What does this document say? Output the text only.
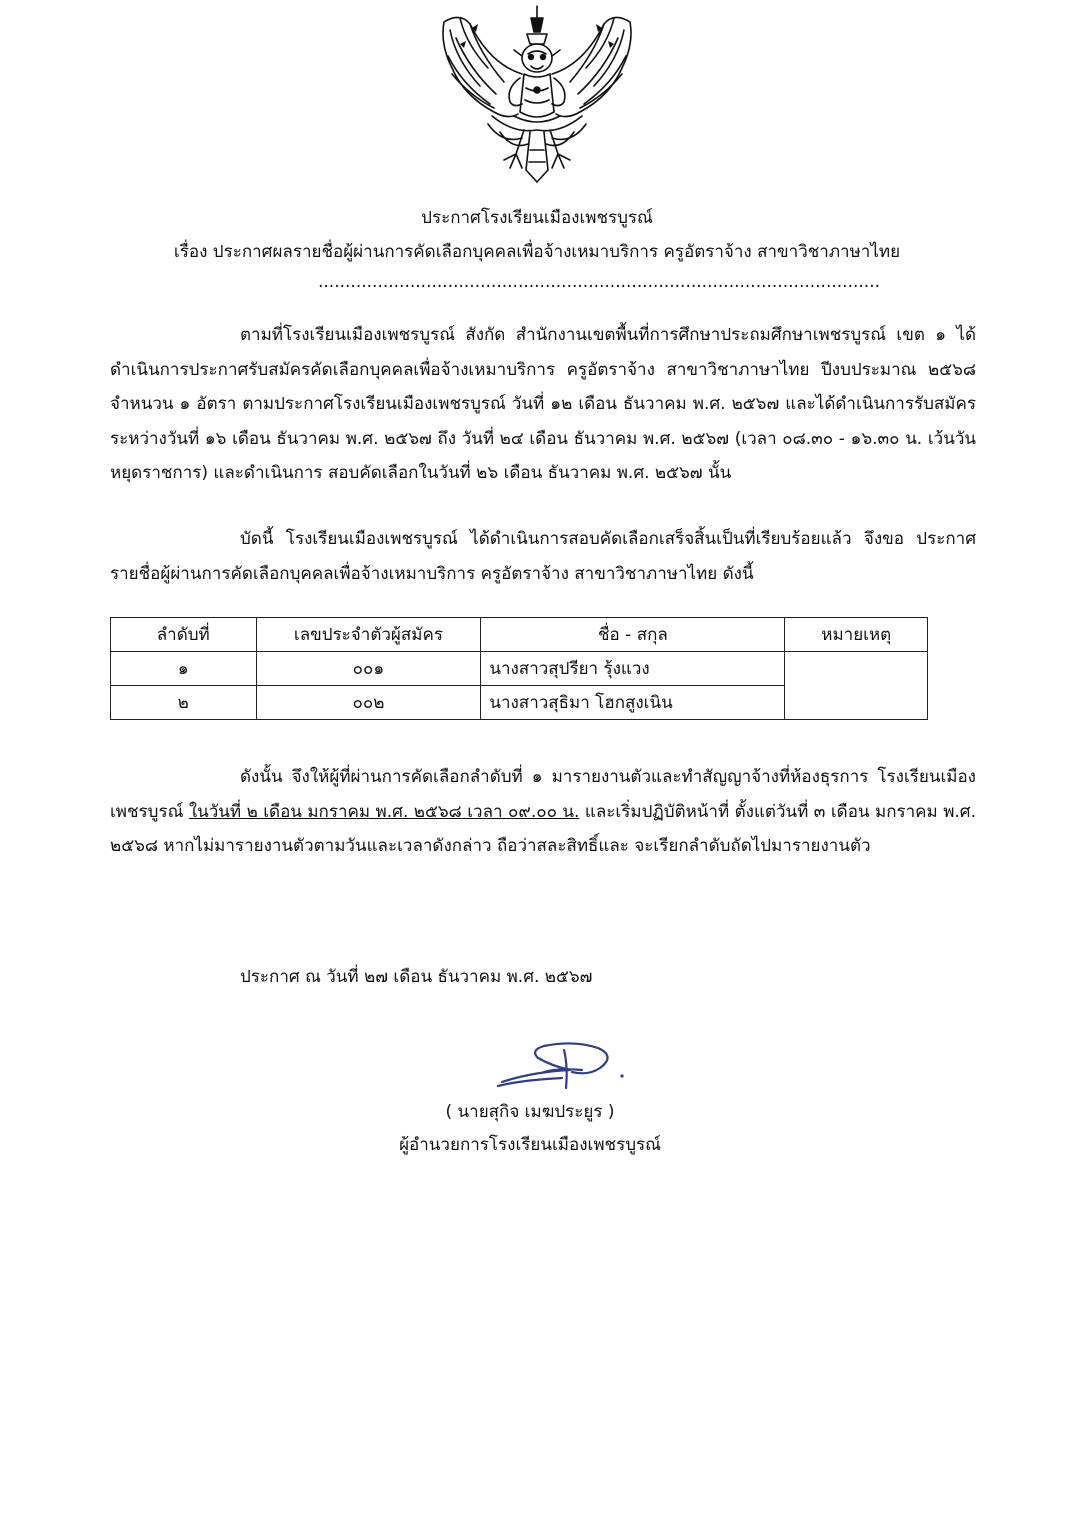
ประกาศโรงเรียนเมืองเพชรบูรณ์
เรื่อง ประกาศผลรายชื่อผู้ผ่านการคัดเลือกบุคคลเพื่อจ้างเหมาบริการ ครูอัตราจ้าง สาขาวิชาภาษาไทย
........................................................................................................

ตามที่โรงเรียนเมืองเพชรบูรณ์ สังกัด สำนักงานเขตพื้นที่การศึกษาประถมศึกษาเพชรบูรณ์ เขต ๑ ได้ดำเนินการประกาศรับสมัครคัดเลือกบุคคลเพื่อจ้างเหมาบริการ ครูอัตราจ้าง สาขาวิชาภาษาไทย ปีงบประมาณ ๒๕๖๘ จำหนวน ๑ อัตรา ตามประกาศโรงเรียนเมืองเพชรบูรณ์ วันที่ ๑๒ เดือน ธันวาคม พ.ศ. ๒๕๖๗ และได้ดำเนินการรับสมัครระหว่างวันที่ ๑๖ เดือน ธันวาคม พ.ศ. ๒๕๖๗ ถึง วันที่ ๒๔ เดือน ธันวาคม พ.ศ. ๒๕๖๗ (เวลา ๐๘.๓๐ - ๑๖.๓๐ น. เว้นวันหยุดราชการ) และดำเนินการ สอบคัดเลือกในวันที่ ๒๖ เดือน ธันวาคม พ.ศ. ๒๕๖๗ นั้น

บัดนี้ โรงเรียนเมืองเพชรบูรณ์ ได้ดำเนินการสอบคัดเลือกเสร็จสิ้นเป็นที่เรียบร้อยแล้ว จึงขอ ประกาศรายชื่อผู้ผ่านการคัดเลือกบุคคลเพื่อจ้างเหมาบริการ ครูอัตราจ้าง สาขาวิชาภาษาไทย ดังนี้

ลำดับที่	เลขประจำตัวผู้สมัคร	ชื่อ - สกุล	หมายเหตุ
๑	๐๐๑	นางสาวสุปรียา รุ้งแวง	
๒	๐๐๒	นางสาวสุธิมา โฮกสูงเนิน	

ดังนั้น จึงให้ผู้ที่ผ่านการคัดเลือกลำดับที่ ๑ มารายงานตัวและทำสัญญาจ้างที่ห้องธุรการ โรงเรียนเมืองเพชรบูรณ์ ในวันที่ ๒ เดือน มกราคม พ.ศ. ๒๕๖๘ เวลา ๐๙.๐๐ น. และเริ่มปฏิบัติหน้าที่ ตั้งแต่วันที่ ๓ เดือน มกราคม พ.ศ. ๒๕๖๘ หากไม่มารายงานตัวตามวันและเวลาดังกล่าว ถือว่าสละสิทธิ์และ จะเรียกลำดับถัดไปมารายงานตัว

ประกาศ ณ วันที่ ๒๗ เดือน ธันวาคม พ.ศ. ๒๕๖๗
( นายสุกิจ เมฆประยูร )
ผู้อำนวยการโรงเรียนเมืองเพชรบูรณ์
